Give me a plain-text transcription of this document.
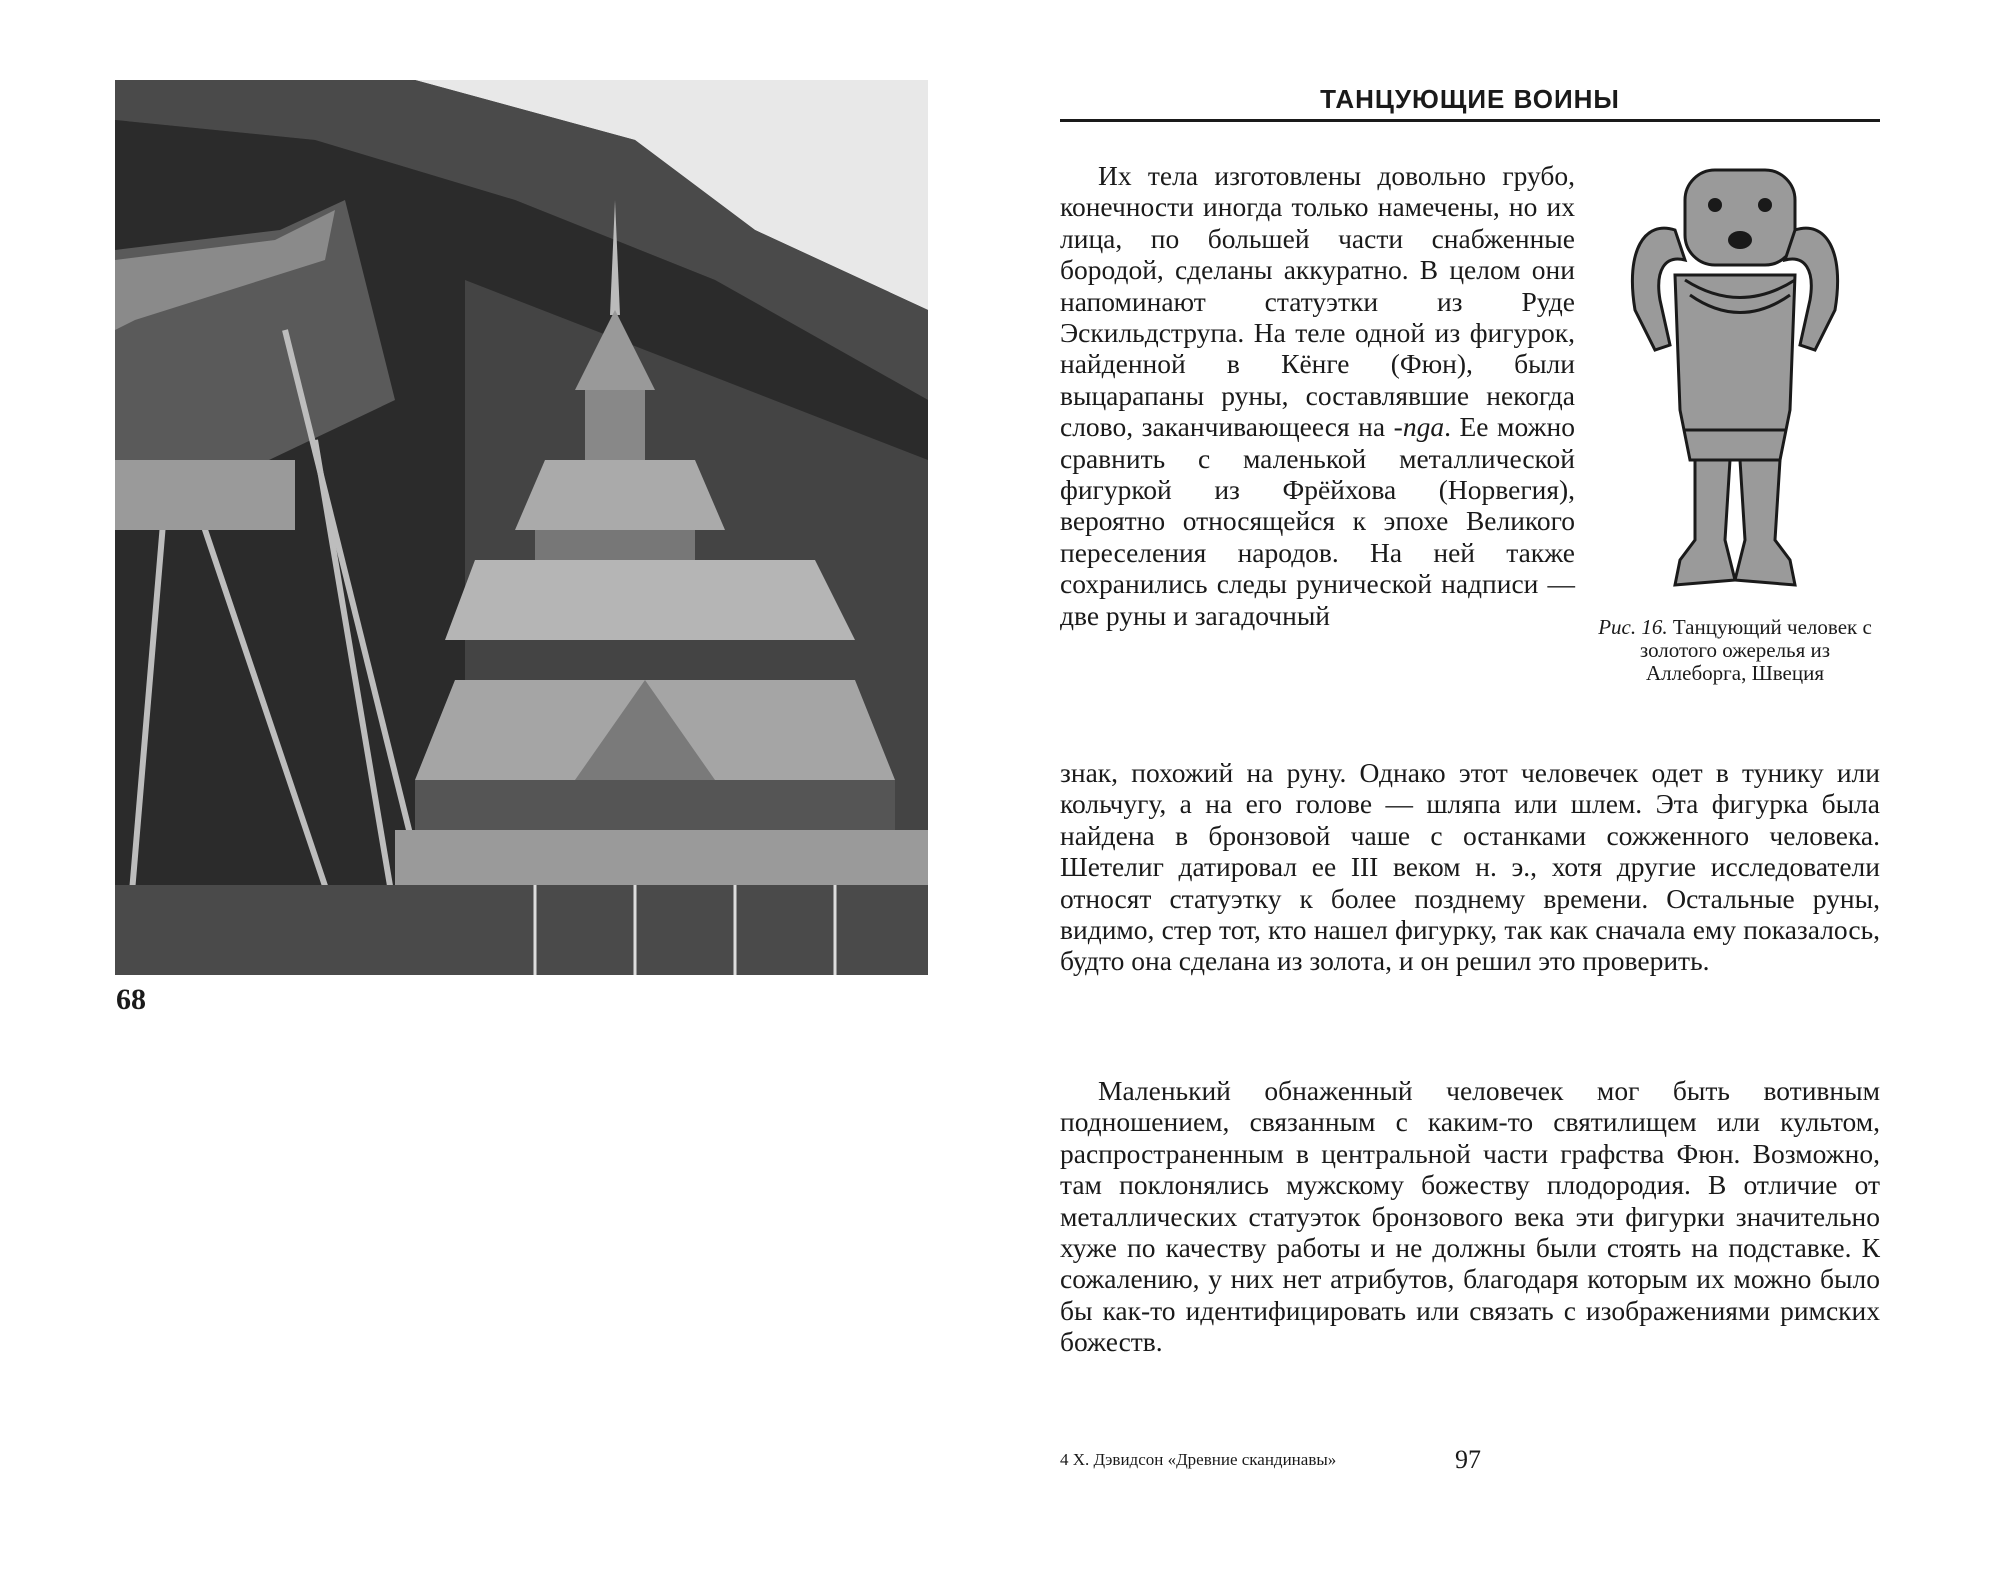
68
ТАНЦУЮЩИЕ ВОИНЫ
Рис. 16. Танцующий человек с золотого ожерелья из Аллеборга, Швеция

Их тела изготовлены довольно грубо, конечности иногда только намечены, но их лица, по большей части снабженные бородой, сделаны аккуратно. В целом они напоминают статуэтки из Руде Эскильдструпа. На теле одной из фигурок, найденной в Кёнге (Фюн), были выцарапаны руны, составлявшие некогда слово, заканчивающееся на -nga. Ее можно сравнить с маленькой металлической фигуркой из Фрёйхова (Норвегия), вероятно относящейся к эпохе Великого переселения народов. На ней также сохранились следы рунической надписи — две руны и загадочный

знак, похожий на руну. Однако этот человечек одет в тунику или кольчугу, а на его голове — шляпа или шлем. Эта фигурка была найдена в бронзовой чаше с останками сожженного человека. Шетелиг датировал ее III веком н. э., хотя другие исследователи относят статуэтку к более позднему времени. Остальные руны, видимо, стер тот, кто нашел фигурку, так как сначала ему показалось, будто она сделана из золота, и он решил это проверить.

Маленький обнаженный человечек мог быть вотивным подношением, связанным с каким-то святилищем или культом, распространенным в центральной части графства Фюн. Возможно, там поклонялись мужскому божеству плодородия. В отличие от металлических статуэток бронзового века эти фигурки значительно хуже по качеству работы и не должны были стоять на подставке. К сожалению, у них нет атрибутов, благодаря которым их можно было бы как-то идентифицировать или связать с изображениями римских божеств.

4 Х. Дэвидсон «Древние скандинавы»	97
